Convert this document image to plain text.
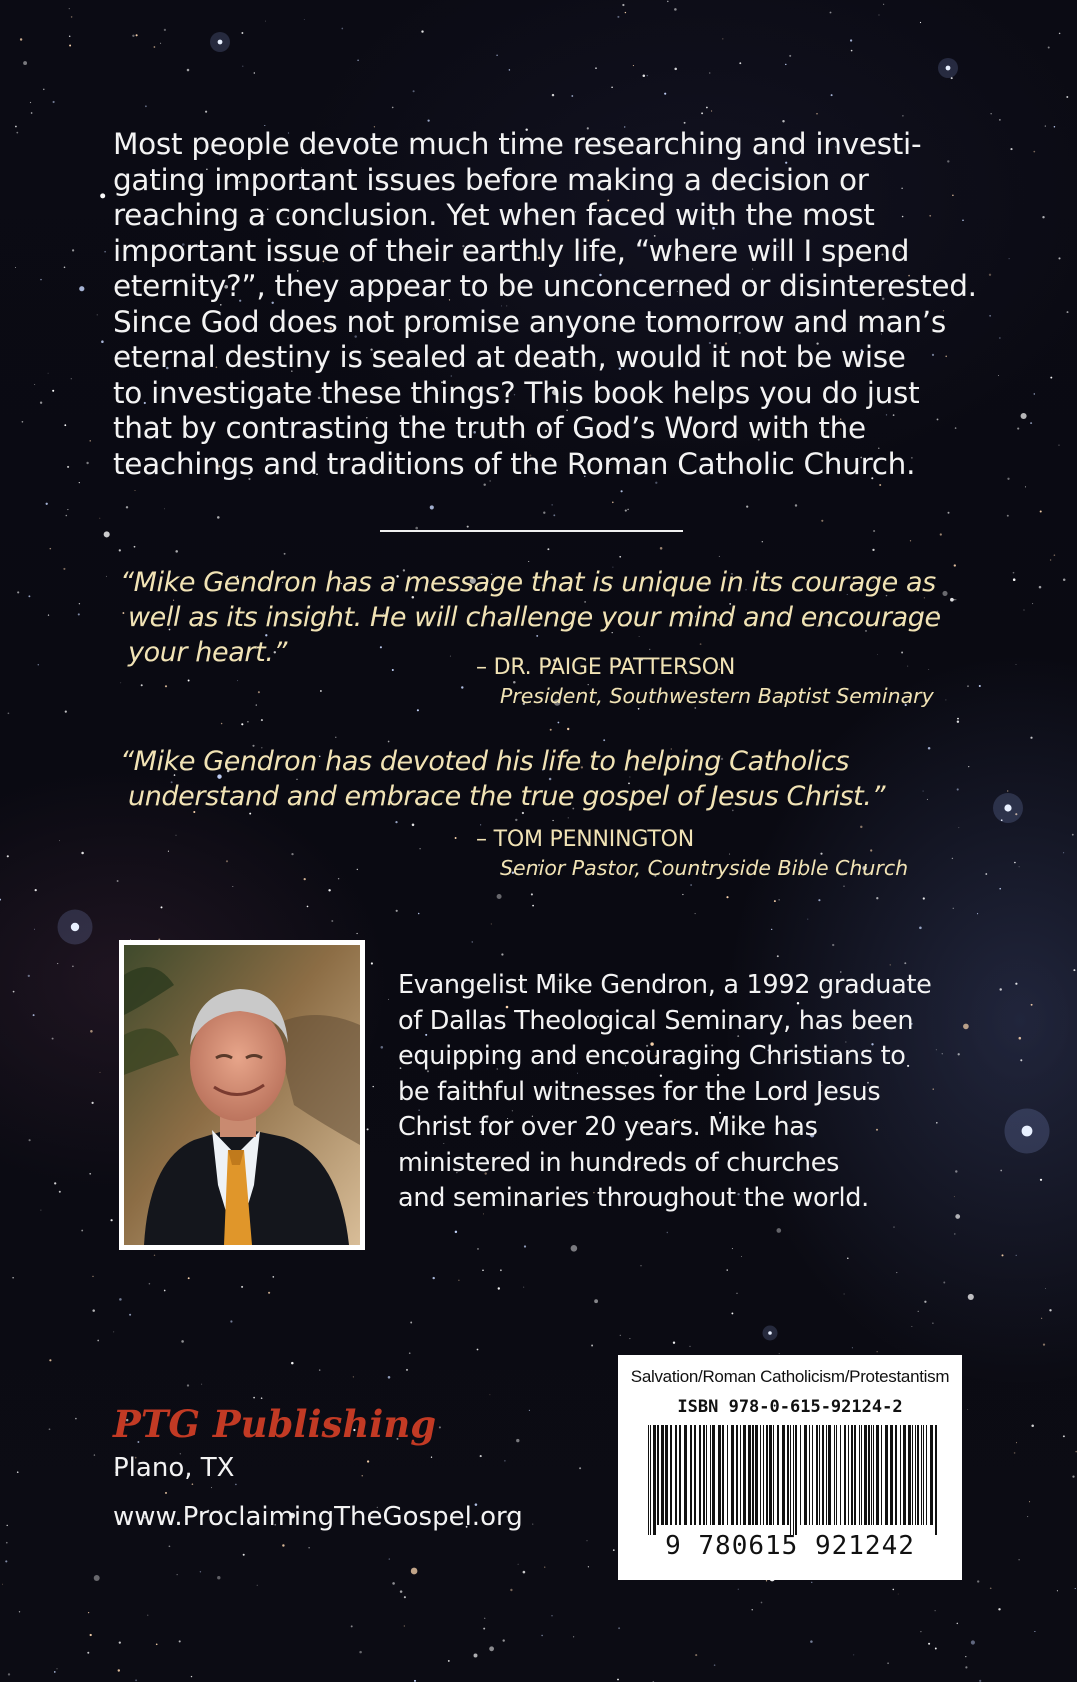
Most people devote much time researching and investi-
gating important issues before making a decision or
reaching a conclusion. Yet when faced with the most
important issue of their earthly life, “where will I spend
eternity?”, they appear to be unconcerned or disinterested.
Since God does not promise anyone tomorrow and man’s
eternal destiny is sealed at death, would it not be wise
to investigate these things? This book helps you do just
that by contrasting the truth of God’s Word with the
teachings and traditions of the Roman Catholic Church.
“Mike Gendron has a message that is unique in its courage as
well as its insight. He will challenge your mind and encourage
your heart.”	– DR. PAIGE PATTERSON
President, Southwestern Baptist Seminary
“Mike Gendron has devoted his life to helping Catholics
understand and embrace the true gospel of Jesus Christ.”
– TOM PENNINGTON
Senior Pastor, Countryside Bible Church
Evangelist Mike Gendron, a 1992 graduate
of Dallas Theological Seminary, has been
equipping and encouraging Christians to
be faithful witnesses for the Lord Jesus
Christ for over 20 years. Mike has
ministered in hundreds of churches
and seminaries throughout the world.
PTG Publishing
Plano, TX
www.ProclaimingTheGospel.org
Salvation/Roman Catholicism/Protestantism
ISBN 978-0-615-92124-2
9 780615 921242
